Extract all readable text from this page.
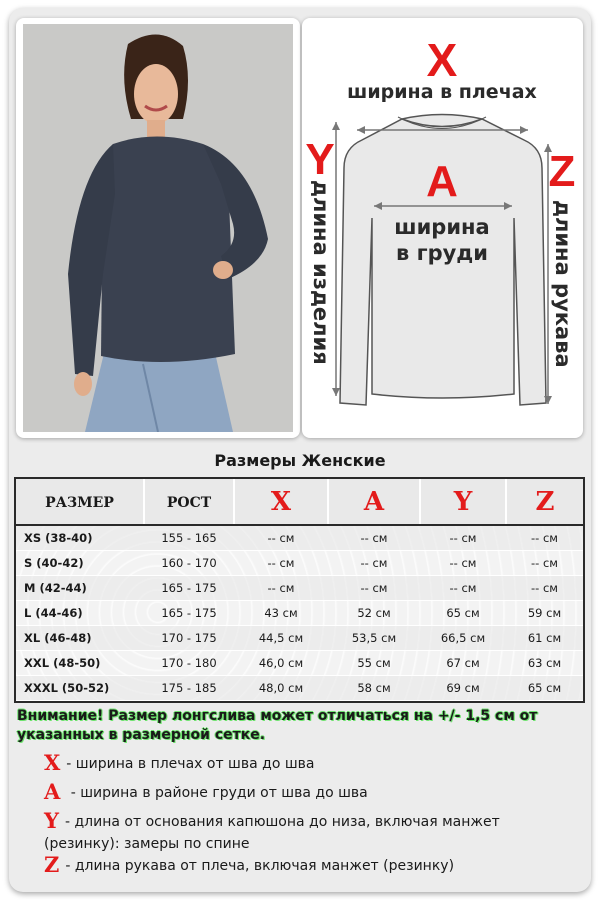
X
ширина в плечах
A
ширина
в груди
Y
длина изделия
Z
длина рукава
Размеры Женские
РАЗМЕР	РОСТ	X	A	Y	Z
XS (38-40)	155 - 165	-- см	-- см	-- см	-- см
S (40-42)	160 - 170	-- см	-- см	-- см	-- см
M (42-44)	165 - 175	-- см	-- см	-- см	-- см
L (44-46)	165 - 175	43 см	52 см	65 см	59 см
XL (46-48)	170 - 175	44,5 см	53,5 см	66,5 см	61 см
XXL (48-50)	170 - 180	46,0 см	55 см	67 см	63 см
XXXL (50-52)	175 - 185	48,0 см	58 см	69 см	65 см
Внимание! Размер лонгслива может отличаться на +/- 1,5 см от указанных в размерной сетке.
X - ширина в плечах от шва до шва
A - ширина в районе груди от шва до шва
Y - длина от основания капюшона до низа, включая манжет (резинку): замеры по спине
Z - длина рукава от плеча, включая манжет (резинку)
